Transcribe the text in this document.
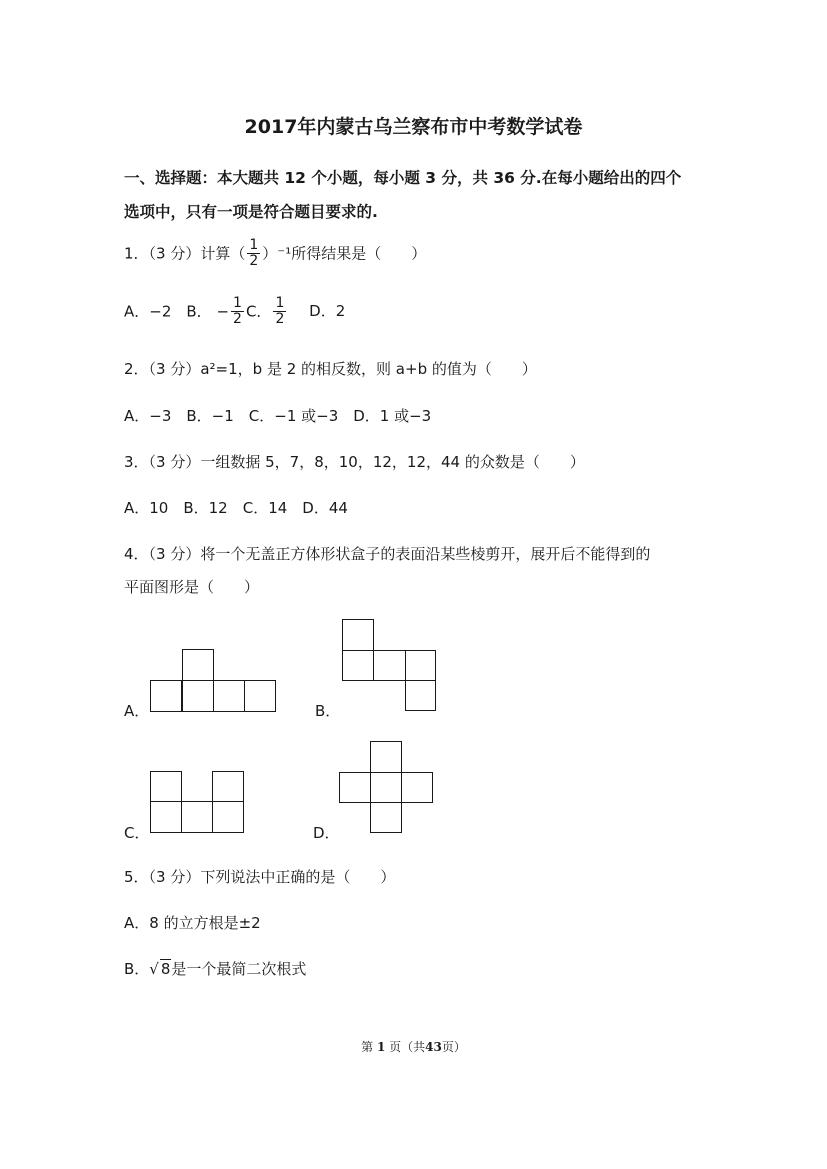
2017年内蒙古乌兰察布市中考数学试卷
一、选择题：本大题共 12 个小题，每小题 3 分，共 36 分.在每小题给出的四个
选项中，只有一项是符合题目要求的.
1．（3 分）计算（ $\frac{1}{2} )^{-1}$所得结果是（　　）
A．−2　B． − $\frac{1}{2}$ C． $\frac{1}{2}$ D．2
2．（3 分）a²=1，b 是 2 的相反数，则 a+b 的值为（　　）
A．−3　B．−1　C．−1 或−3　D．1 或−3
3．（3 分）一组数据 5，7，8，10，12，12，44 的众数是（　　）
A．10　B．12　C．14　D．44
4．（3 分）将一个无盖正方体形状盒子的表面沿某些棱剪开，展开后不能得到的
平面图形是（　　）
A．	B．
C．	D．
5．（3 分）下列说法中正确的是（　　）
A．8 的立方根是±2
B．√ 8是一个最简二次根式
第 1 页（共43页）
